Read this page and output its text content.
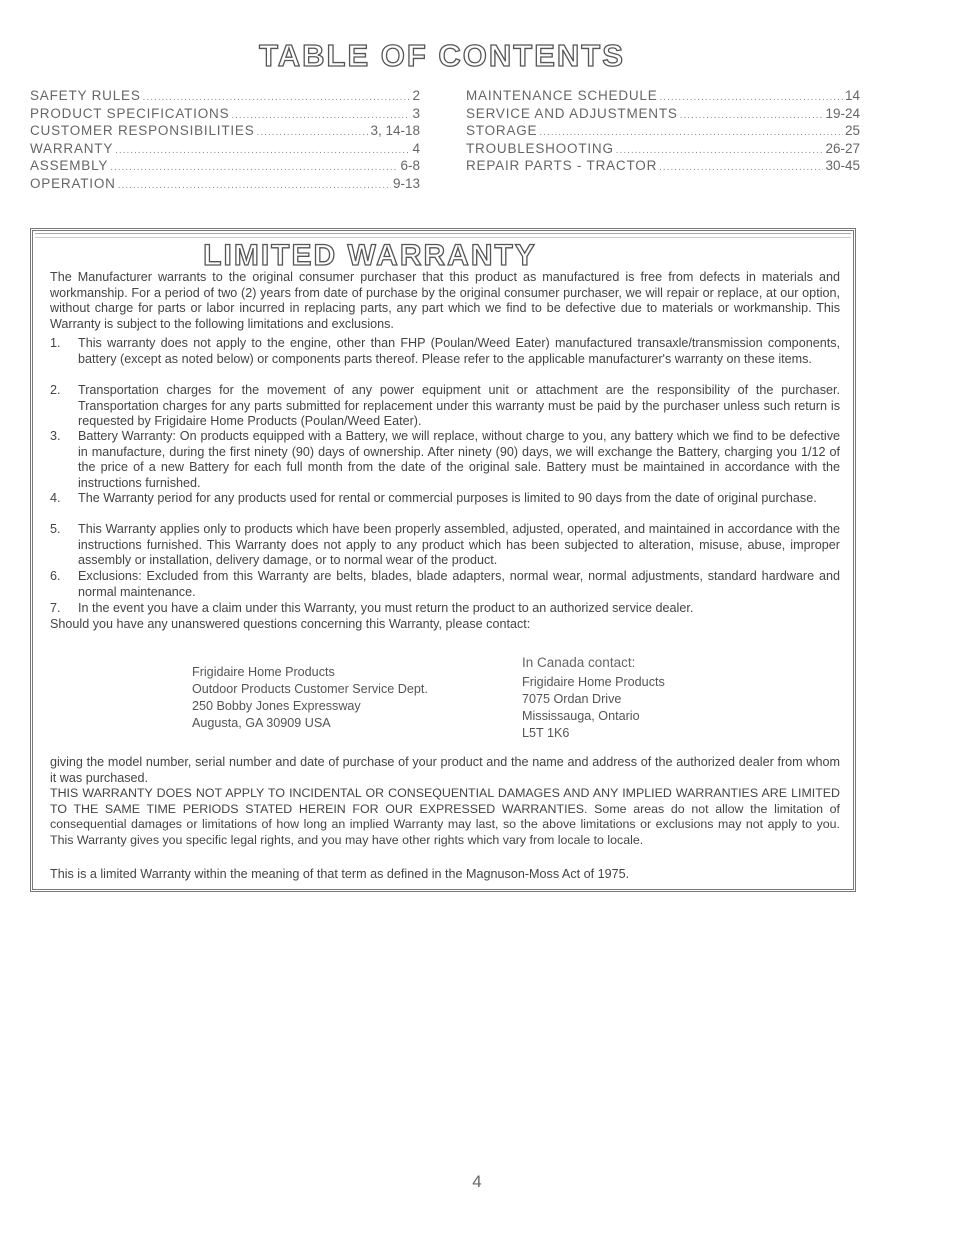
TABLE OF CONTENTS
SAFETY RULES .....	2
PRODUCT SPECIFICATIONS .....	3
CUSTOMER RESPONSIBILITIES .....	3, 14-18
WARRANTY .....	4
ASSEMBLY .....	6-8
OPERATION .....	9-13
MAINTENANCE SCHEDULE .....	14
SERVICE AND ADJUSTMENTS .....	19-24
STORAGE .....	25
TROUBLESHOOTING .....	26-27
REPAIR PARTS - TRACTOR .....	30-45
LIMITED WARRANTY
The Manufacturer warrants to the original consumer purchaser that this product as manufactured is free from defects in materials and workmanship. For a period of two (2) years from date of purchase by the original consumer purchaser, we will repair or replace, at our option, without charge for parts or labor incurred in replacing parts, any part which we find to be defective due to materials or workmanship. This Warranty is subject to the following limitations and exclusions.
1.	This warranty does not apply to the engine, other than FHP (Poulan/Weed Eater) manufactured transaxle/transmission components, battery (except as noted below) or components parts thereof. Please refer to the applicable manufacturer's warranty on these items.
2.	Transportation charges for the movement of any power equipment unit or attachment are the responsibility of the purchaser. Transportation charges for any parts submitted for replacement under this warranty must be paid by the purchaser unless such return is requested by Frigidaire Home Products (Poulan/Weed Eater).
3.	Battery Warranty: On products equipped with a Battery, we will replace, without charge to you, any battery which we find to be defective in manufacture, during the first ninety (90) days of ownership. After ninety (90) days, we will exchange the Battery, charging you 1/12 of the price of a new Battery for each full month from the date of the original sale. Battery must be maintained in accordance with the instructions furnished.
4.	The Warranty period for any products used for rental or commercial purposes is limited to 90 days from the date of original purchase.
5.	This Warranty applies only to products which have been properly assembled, adjusted, operated, and maintained in accordance with the instructions furnished. This Warranty does not apply to any product which has been subjected to alteration, misuse, abuse, improper assembly or installation, delivery damage, or to normal wear of the product.
6.	Exclusions: Excluded from this Warranty are belts, blades, blade adapters, normal wear, normal adjustments, standard hardware and normal maintenance.
7.	In the event you have a claim under this Warranty, you must return the product to an authorized service dealer.
Should you have any unanswered questions concerning this Warranty, please contact:
Frigidaire Home Products
Outdoor Products Customer Service Dept.
250 Bobby Jones Expressway
Augusta, GA 30909 USA
In Canada contact:
Frigidaire Home Products
7075 Ordan Drive
Mississauga, Ontario
L5T 1K6
giving the model number, serial number and date of purchase of your product and the name and address of the authorized dealer from whom it was purchased.
THIS WARRANTY DOES NOT APPLY TO INCIDENTAL OR CONSEQUENTIAL DAMAGES AND ANY IMPLIED WARRANTIES ARE LIMITED TO THE SAME TIME PERIODS STATED HEREIN FOR OUR EXPRESSED WARRANTIES. Some areas do not allow the limitation of consequential damages or limitations of how long an implied Warranty may last, so the above limitations or exclusions may not apply to you. This Warranty gives you specific legal rights, and you may have other rights which vary from locale to locale.
This is a limited Warranty within the meaning of that term as defined in the Magnuson-Moss Act of 1975.
4
